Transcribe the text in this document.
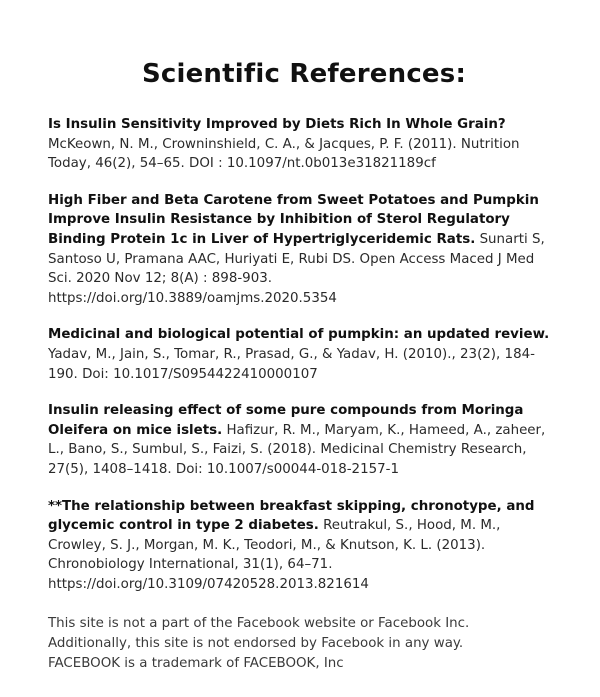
Scientific References:

Is Insulin Sensitivity Improved by Diets Rich In Whole Grain?
McKeown, N. M., Crowninshield, C. A., & Jacques, P. F. (2011). Nutrition Today, 46(2), 54–65. DOI : 10.1097/nt.0b013e31821189cf

High Fiber and Beta Carotene from Sweet Potatoes and Pumpkin Improve Insulin Resistance by Inhibition of Sterol Regulatory Binding Protein 1c in Liver of Hypertriglyceridemic Rats. Sunarti S, Santoso U, Pramana AAC, Huriyati E, Rubi DS. Open Access Maced J Med Sci. 2020 Nov 12; 8(A) : 898-903. https://doi.org/10.3889/oamjms.2020.5354

Medicinal and biological potential of pumpkin: an updated review. Yadav, M., Jain, S., Tomar, R., Prasad, G., & Yadav, H. (2010)., 23(2), 184-190. Doi: 10.1017/S0954422410000107

Insulin releasing effect of some pure compounds from Moringa Oleifera on mice islets. Hafizur, R. M., Maryam, K., Hameed, A., zaheer, L., Bano, S., Sumbul, S., Faizi, S. (2018). Medicinal Chemistry Research, 27(5), 1408–1418. Doi: 10.1007/s00044-018-2157-1

**The relationship between breakfast skipping, chronotype, and glycemic control in type 2 diabetes. Reutrakul, S., Hood, M. M., Crowley, S. J., Morgan, M. K., Teodori, M., & Knutson, K. L. (2013). Chronobiology International, 31(1), 64–71. https://doi.org/10.3109/07420528.2013.821614

This site is not a part of the Facebook website or Facebook Inc.
Additionally, this site is not endorsed by Facebook in any way.
FACEBOOK is a trademark of FACEBOOK, Inc
